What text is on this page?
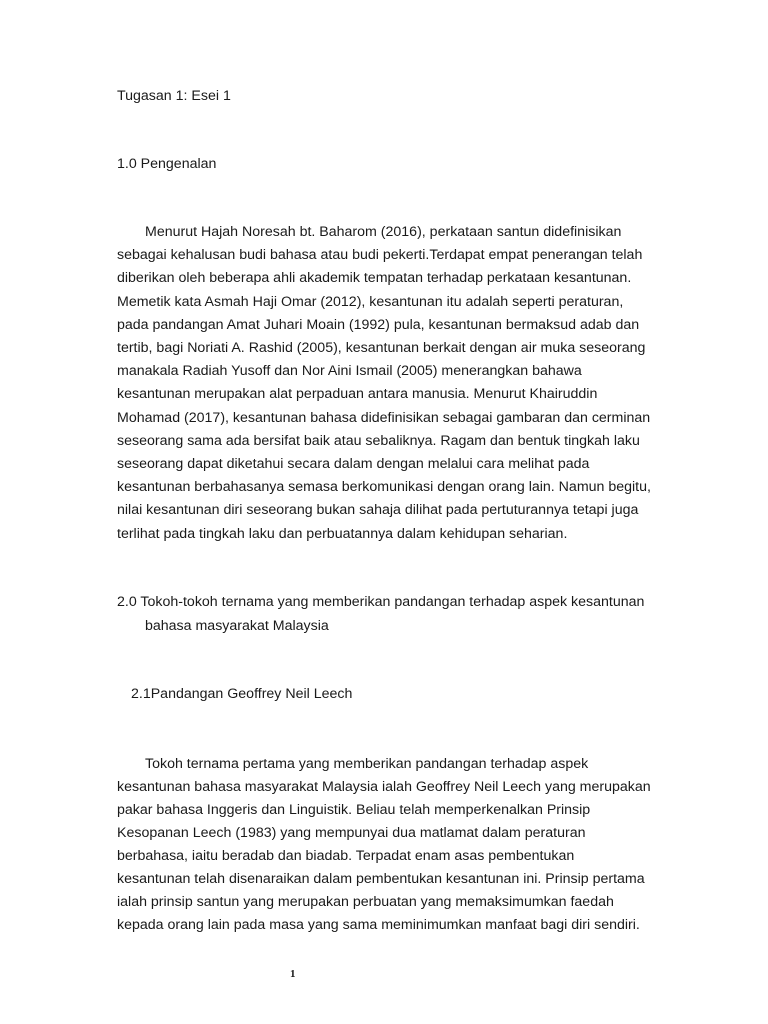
Tugasan 1: Esei 1
1.0 Pengenalan
Menurut Hajah Noresah bt. Baharom (2016), perkataan santun didefinisikan
sebagai kehalusan budi bahasa atau budi pekerti.Terdapat empat penerangan telah
diberikan oleh beberapa ahli akademik tempatan terhadap perkataan kesantunan.
Memetik kata Asmah Haji Omar (2012), kesantunan itu adalah seperti peraturan,
pada pandangan Amat Juhari Moain (1992) pula, kesantunan bermaksud adab dan
tertib, bagi Noriati A. Rashid (2005), kesantunan berkait dengan air muka seseorang
manakala Radiah Yusoff dan Nor Aini Ismail (2005) menerangkan bahawa
kesantunan merupakan alat perpaduan antara manusia. Menurut Khairuddin
Mohamad (2017), kesantunan bahasa didefinisikan sebagai gambaran dan cerminan
seseorang sama ada bersifat baik atau sebaliknya. Ragam dan bentuk tingkah laku
seseorang dapat diketahui secara dalam dengan melalui cara melihat pada
kesantunan berbahasanya semasa berkomunikasi dengan orang lain. Namun begitu,
nilai kesantunan diri seseorang bukan sahaja dilihat pada pertuturannya tetapi juga
terlihat pada tingkah laku dan perbuatannya dalam kehidupan seharian.
2.0 Tokoh-tokoh ternama yang memberikan pandangan terhadap aspek kesantunan
bahasa masyarakat Malaysia
2.1Pandangan Geoffrey Neil Leech
Tokoh ternama pertama yang memberikan pandangan terhadap aspek
kesantunan bahasa masyarakat Malaysia ialah Geoffrey Neil Leech yang merupakan
pakar bahasa Inggeris dan Linguistik. Beliau telah memperkenalkan Prinsip
Kesopanan Leech (1983) yang mempunyai dua matlamat dalam peraturan
berbahasa, iaitu beradab dan biadab. Terpadat enam asas pembentukan
kesantunan telah disenaraikan dalam pembentukan kesantunan ini. Prinsip pertama
ialah prinsip santun yang merupakan perbuatan yang memaksimumkan faedah
kepada orang lain pada masa yang sama meminimumkan manfaat bagi diri sendiri.
1
